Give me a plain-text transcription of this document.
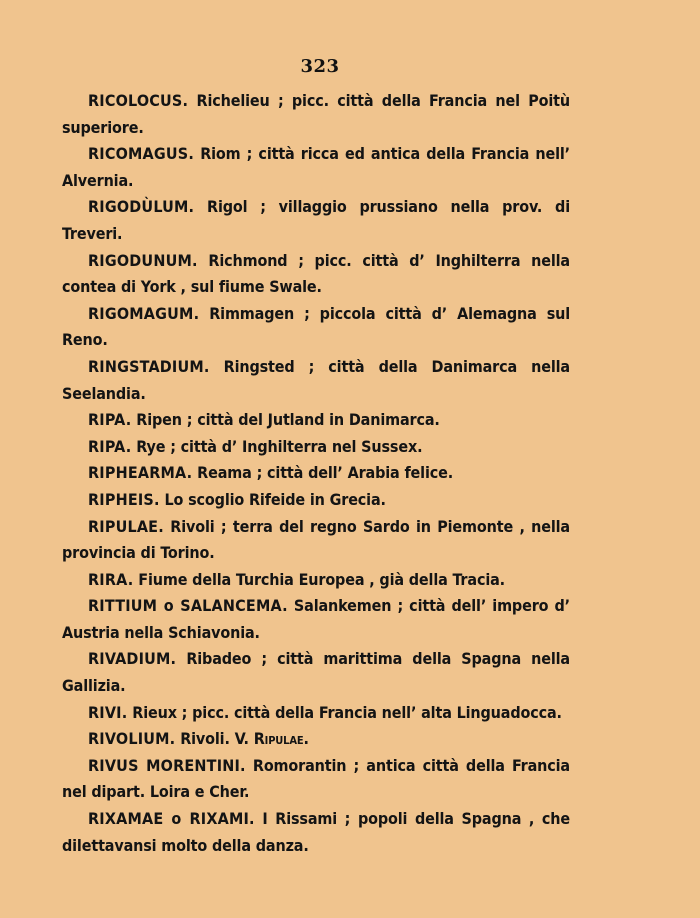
323

RICOLOCUS. Richelieu ; picc. città della Francia nel Poitù superiore.

RICOMAGUS. Riom ; città ricca ed antica della Francia nell’ Alvernia.

RIGODÙLUM. Rigol ; villaggio prussiano nella prov. di Treveri.

RIGODUNUM. Richmond ; picc. città d’ Inghilterra nella contea di York , sul fiume Swale.

RIGOMAGUM. Rimmagen ; piccola città d’ Alemagna sul Reno.

RINGSTADIUM. Ringsted ; città della Danimarca nella Seelandia.

RIPA. Ripen ; città del Jutland in Danimarca.

RIPA. Rye ; città d’ Inghilterra nel Sussex.

RIPHEARMA. Reama ; città dell’ Arabia felice.

RIPHEIS. Lo scoglio Rifeide in Grecia.

RIPULAE. Rivoli ; terra del regno Sardo in Piemonte , nella provincia di Torino.

RIRA. Fiume della Turchia Europea , già della Tracia.

RITTIUM o SALANCEMA. Salankemen ; città dell’ impero d’ Austria nella Schiavonia.

RIVADIUM. Ribadeo ; città marittima della Spagna nella Gallizia.

RIVI. Rieux ; picc. città della Francia nell’ alta Linguadocca.

RIVOLIUM. Rivoli. V. Ripulae.

RIVUS MORENTINI. Romorantin ; antica città della Francia nel dipart. Loira e Cher.

RIXAMAE o RIXAMI. I Rissami ; popoli della Spagna , che dilettavansi molto della danza.
